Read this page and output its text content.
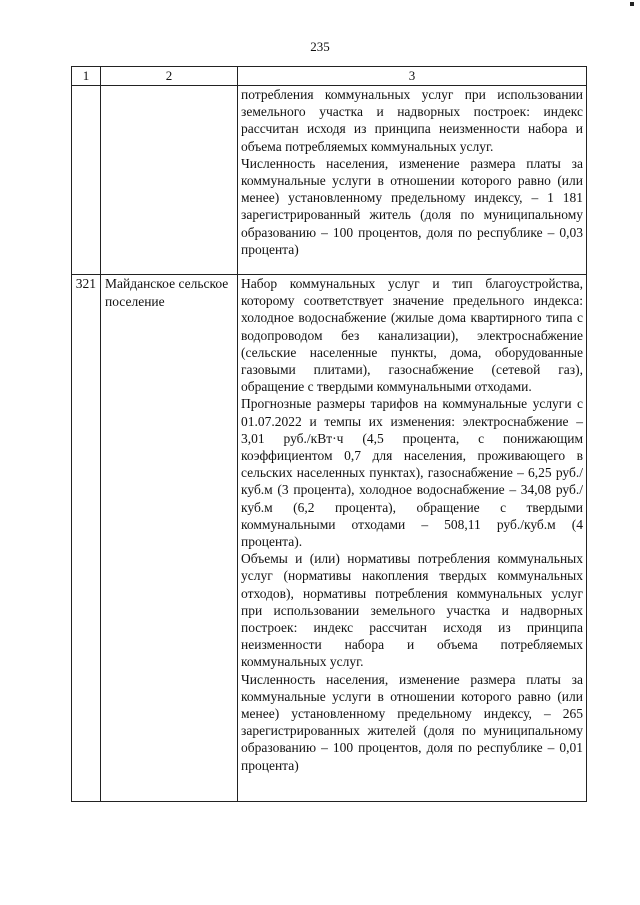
235
1	2	3

		потребления коммунальных услуг при использовании земельного участка и надворных построек: индекс рассчитан исходя из принципа неизменности набора и объема потребляемых коммунальных услуг.
Численность населения, изменение размера платы за коммунальные услуги в отношении которого равно (или менее) установленному предельному индексу, – 1 181 зарегистрированный житель (доля по муниципальному образованию – 100 процентов, доля по республике – 0,03 процента)

321	Майданское сельское поселение	Набор коммунальных услуг и тип благоустройства, которому соответствует значение предельного индекса: холодное водоснабжение (жилые дома квартирного типа с водопроводом без канализации), электроснабжение (сельские населенные пункты, дома, оборудованные газовыми плитами), газоснабжение (сетевой газ), обращение с твердыми коммунальными отходами.
Прогнозные размеры тарифов на коммунальные услуги с 01.07.2022 и темпы их изменения: электроснабжение – 3,01 руб./кВт·ч (4,5 процента, с понижающим коэффициентом 0,7 для населения, проживающего в сельских населенных пунктах), газоснабжение – 6,25 руб./куб.м (3 процента), холодное водоснабжение – 34,08 руб./куб.м (6,2 процента), обращение с твердыми коммунальными отходами – 508,11 руб./куб.м (4 процента).
Объемы и (или) нормативы потребления коммунальных услуг (нормативы накопления твердых коммунальных отходов), нормативы потребления коммунальных услуг при использовании земельного участка и надворных построек: индекс рассчитан исходя из принципа неизменности набора и объема потребляемых коммунальных услуг.
Численность населения, изменение размера платы за коммунальные услуги в отношении которого равно (или менее) установленному предельному индексу, – 265 зарегистрированных жителей (доля по муниципальному образованию – 100 процентов, доля по республике – 0,01 процента)
